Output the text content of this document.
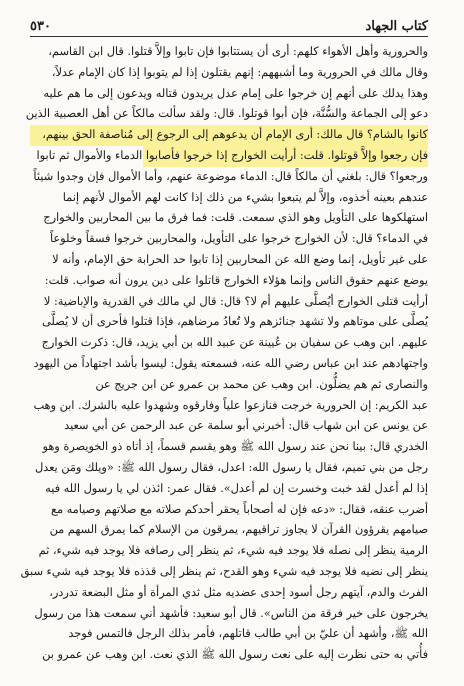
كتاب الجهاد
٥٣٠
والحرورية وأهل الأهواء كلهم: أرى أن يستتابوا فإن تابوا وإلاَّ قتلوا. قال ابن القاسم،
وقال مالك في الحرورية وما أشبههم: إنهم يقتلون إذا لم يتوبوا إذا كان الإمام عدلاً،
وهذا يدلك على أنهم إن خرجوا على إمام عدل يريدون قتاله ويدعون إلى ما هم عليه
دعو إلى الجماعة والسُّنَّة، فإن أبوا قوتلوا. قال: ولقد سألت مالكاً عن أهل العصبية الذين
كانوا بالشام؟ قال مالك: أرى الإمام أن يدعوهم إلى الرجوع إلى مُناصفة الحق بينهم،
فإن رجعوا وإلاَّ قوتلوا. قلت: أرأيت الخوارج إذا خرجوا فأصابوا الدماء والأموال ثم تابوا
ورجعوا؟ قال: بلغني أن مالكاً قال: الدماء موضوعة عنهم، وأما الأموال فإن وجدوا شيئاً
عندهم بعينه أخذوه، وإلاَّ لم يتبعوا بشيء من ذلك إذا كانت لهم الأموال لأنهم إنما
استهلكوها على التأويل وهو الذي سمعت. قلت: فما فرق ما بين المحاربين والخوارج
في الدماء؟ قال: لأن الخوارج خرجوا على التأويل، والمحاربين خرجوا فسقاً وخلوعاً
على غير تأويل، إنما وضع الله عن المحاربين إذا تابوا حد الحرابة حق الإمام، وأنه لا
يوضع عنهم حقوق الناس وإنما هؤلاء الخوارج قاتلوا على دين يرون أنه صواب. قلت:
أرأيت قتلى الخوارج أيُصلَّى عليهم أم لا؟ قال: قال لي مالك في القدرية والإباضية: لا
يُصلَّى على موتاهم ولا تشهد جنائزهم ولا تُعادُ مرضاهم، فإذا قتلوا فأحرى أن لا يُصلَّى
عليهم. ابن وهب عن سفيان بن عُيينة عن عبيد الله بن أبي يزيد، قال: ذكرت الخوارج
واجتهادهم عند ابن عباس رضي الله عنه، فسمعته يقول: ليسوا بأشد اجتهاداً من اليهود
والنصارى ثم هم يضلُّون. ابن وهب عن محمد بن عمرو عن ابن جريج عن
عبد الكريم: إن الحرورية خرجت فنازعوا علياً وفارقوه وشهدوا عليه بالشرك. ابن وهب
عن يونس عن ابن شهاب قال: أخبرني أبو سلمة عن عبد الرحمن عن أبي سعيد
الخدري قال: بينا نحن عند رسول الله ﷺ وهو يقسم قسماً، إذ أتاه ذو الخويصرة وهو
رجل من بني تميم، فقال يا رسول الله: اعدل، فقال رسول الله ﷺ: «ويلك ومَن يعدل
إذا لم أعدل لقد خبت وخسرت إن لم أعدل». فقال عمر: ائذن لي يا رسول الله فيه
أضرب عنقه، فقال: «دعه فإن له أصحاباً يحقر أحدكم صلاته مع صلاتهم وصيامه مع
صيامهم يقرؤون القرآن لا يجاوز تراقيهم، يمرقون من الإسلام كما يمرق السهم من
الرمية ينظر إلى نصله فلا يوجد فيه شيء، ثم ينظر إلى رصافه فلا يوجد فيه شيء، ثم
ينظر إلى نضيه فلا يوجد فيه شيء وهو القدح، ثم ينظر إلى قذذه فلا يوجد فيه شيء سبق
الفرث والدم، آيتهم رجل أسود إحدى عضديه مثل ثدي المرأة أو مثل البضعة تدردر،
يخرجون على خير فرقة من الناس». قال أبو سعيد: فأشهد أني سمعت هذا من رسول
الله ﷺ، وأشهد أن عليّ بن أبي طالب قاتلهم، فأمر بذلك الرجل فالتمس فوجد
فأُتي به حتى نظرت إليه على نعت رسول الله ﷺ الذي نعت. ابن وهب عن عمرو بن
